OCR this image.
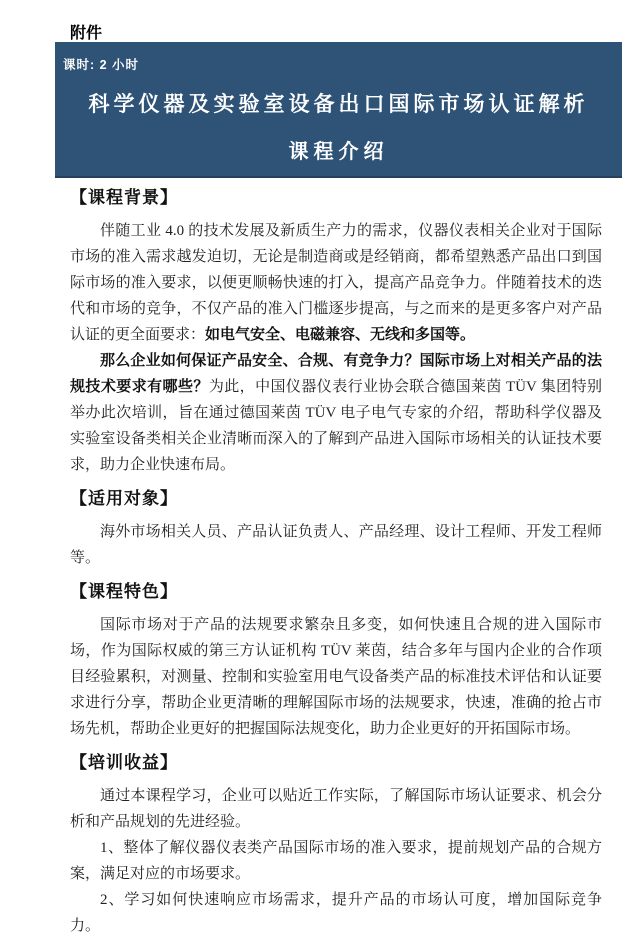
附件
课时: 2 小时
科学仪器及实验室设备出口国际市场认证解析
课程介绍
【课程背景】

伴随工业 4.0 的技术发展及新质生产力的需求，仪器仪表相关企业对于国际市场的准入需求越发迫切，无论是制造商或是经销商，都希望熟悉产品出口到国际市场的准入要求，以便更顺畅快速的打入，提高产品竞争力。伴随着技术的迭代和市场的竞争，不仅产品的准入门槛逐步提高，与之而来的是更多客户对产品认证的更全面要求：如电气安全、电磁兼容、无线和多国等。

那么企业如何保证产品安全、合规、有竞争力？国际市场上对相关产品的法规技术要求有哪些？为此，中国仪器仪表行业协会联合德国莱茵 TÜV 集团特别举办此次培训，旨在通过德国莱茵 TÜV 电子电气专家的介绍，帮助科学仪器及实验室设备类相关企业清晰而深入的了解到产品进入国际市场相关的认证技术要求，助力企业快速布局。

【适用对象】

海外市场相关人员、产品认证负责人、产品经理、设计工程师、开发工程师等。

【课程特色】

国际市场对于产品的法规要求繁杂且多变，如何快速且合规的进入国际市场，作为国际权威的第三方认证机构 TÜV 莱茵，结合多年与国内企业的合作项目经验累积，对测量、控制和实验室用电气设备类产品的标准技术评估和认证要求进行分享，帮助企业更清晰的理解国际市场的法规要求，快速，准确的抢占市场先机，帮助企业更好的把握国际法规变化，助力企业更好的开拓国际市场。

【培训收益】

通过本课程学习，企业可以贴近工作实际，了解国际市场认证要求、机会分析和产品规划的先进经验。

1、整体了解仪器仪表类产品国际市场的准入要求，提前规划产品的合规方案，满足对应的市场要求。

2、学习如何快速响应市场需求，提升产品的市场认可度，增加国际竞争力。
